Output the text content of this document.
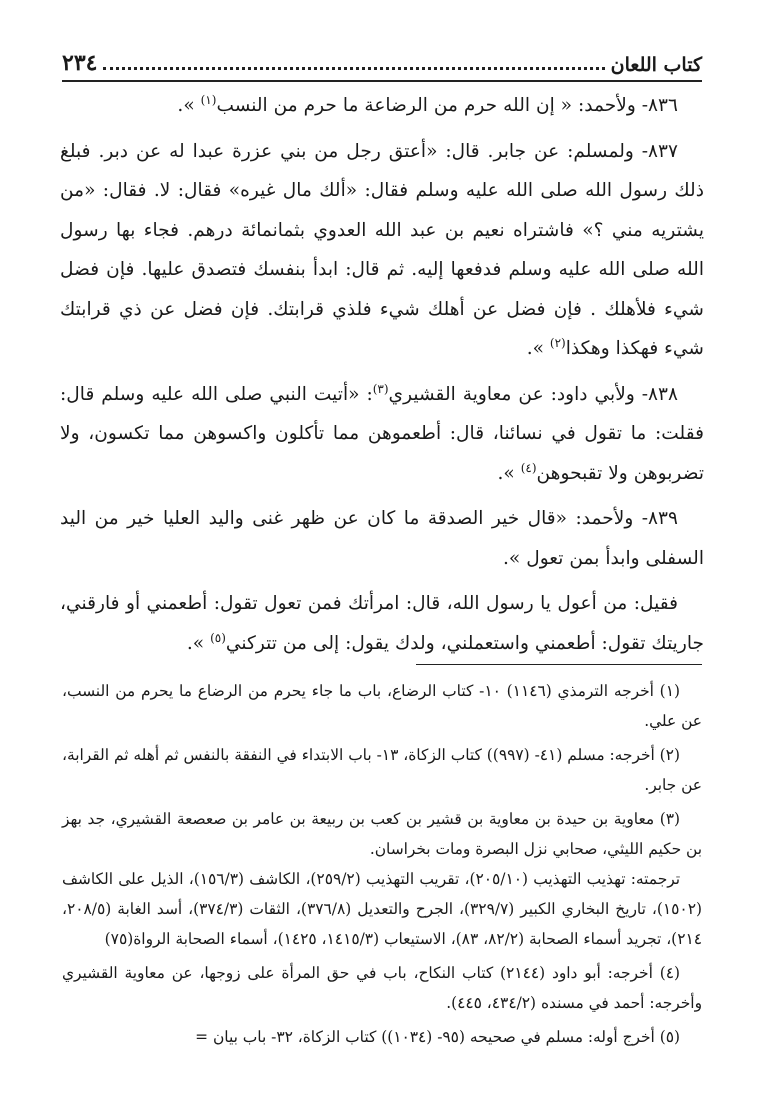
كتاب اللعان
٢٣٤

٨٣٦- ولأحمد: « إن الله حرم من الرضاعة ما حرم من النسب$^{(١)}$ ».

٨٣٧- ولمسلم: عن جابر. قال: «أعتق رجل من بني عزرة عبدا له عن دبر. فبلغ ذلك رسول الله صلى الله عليه وسلم فقال: «ألك مال غيره» فقال: لا. فقال: «من يشتريه مني ؟» فاشتراه نعيم بن عبد الله العدوي بثمانمائة درهم. فجاء بها رسول الله صلى الله عليه وسلم فدفعها إليه. ثم قال: ابدأ بنفسك فتصدق عليها. فإن فضل شيء فلأهلك . فإن فضل عن أهلك شيء فلذي قرابتك. فإن فضل عن ذي قرابتك شيء فهكذا وهكذا$^{(٢)}$ ».

٨٣٨- ولأبي داود: عن معاوية القشيري$^{(٣)}$: «أتيت النبي صلى الله عليه وسلم قال: فقلت: ما تقول في نسائنا، قال: أطعموهن مما تأكلون واكسوهن مما تكسون، ولا تضربوهن ولا تقبحوهن$^{(٤)}$ ».

٨٣٩- ولأحمد: «قال خير الصدقة ما كان عن ظهر غنى واليد العليا خير من اليد السفلى وابدأ بمن تعول ».

فقيل: من أعول يا رسول الله، قال: امرأتك فمن تعول تقول: أطعمني أو فارقني، جاريتك تقول: أطعمني واستعملني، ولدك يقول: إلى من تتركني$^{(٥)}$ ».

(١) أخرجه الترمذي (١١٤٦) ١٠- كتاب الرضاع، باب ما جاء يحرم من الرضاع ما يحرم من النسب، عن علي.

(٢) أخرجه: مسلم (٤١- (٩٩٧)) كتاب الزكاة، ١٣- باب الابتداء في النفقة بالنفس ثم أهله ثم القرابة، عن جابر.

(٣) معاوية بن حيدة بن معاوية بن قشير بن كعب بن ربيعة بن عامر بن صعصعة القشيري، جد بهز بن حكيم الليثي، صحابي نزل البصرة ومات بخراسان.

ترجمته: تهذيب التهذيب (٢٠٥/١٠)، تقريب التهذيب (٢٥٩/٢)، الكاشف (١٥٦/٣)، الذيل على الكاشف (١٥٠٢)، تاريخ البخاري الكبير (٣٢٩/٧)، الجرح والتعديل (٣٧٦/٨)، الثقات (٣٧٤/٣)، أسد الغابة (٢٠٨/٥، ٢١٤)، تجريد أسماء الصحابة (٨٢/٢، ٨٣)، الاستيعاب (١٤١٥/٣، ١٤٢٥)، أسماء الصحابة الرواة(٧٥)

(٤) أخرجه: أبو داود (٢١٤٤) كتاب النكاح، باب في حق المرأة على زوجها، عن معاوية القشيري وأخرجه: أحمد في مسنده (٤٣٤/٢، ٤٤٥).

(٥) أخرج أوله: مسلم في صحيحه (٩٥- (١٠٣٤)) كتاب الزكاة، ٣٢- باب بيان =
